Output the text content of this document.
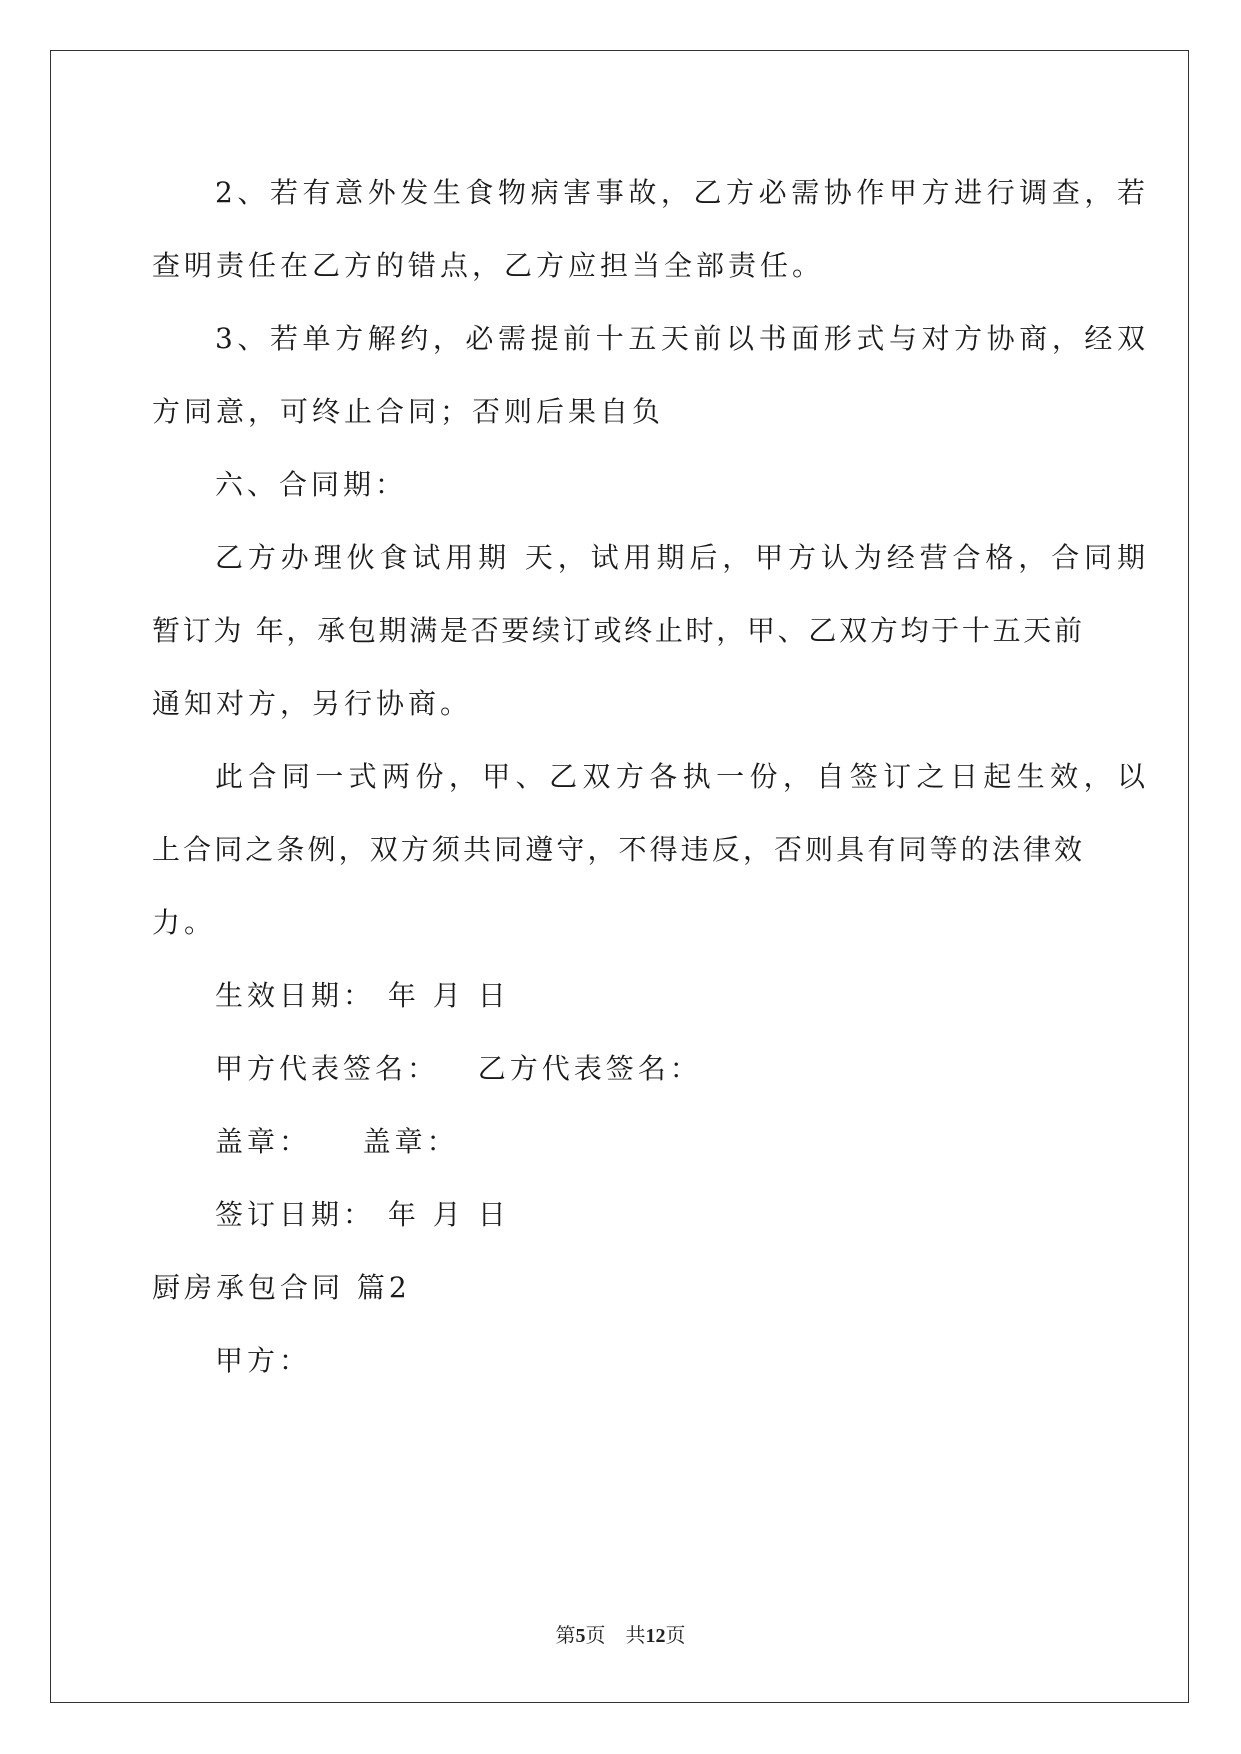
2、若有意外发生食物病害事故，乙方必需协作甲方进行调查，若
查明责任在乙方的错点，乙方应担当全部责任。
3、若单方解约，必需提前十五天前以书面形式与对方协商，经双
方同意，可终止合同；否则后果自负
六、合同期：
乙方办理伙食试用期 天，试用期后，甲方认为经营合格，合同期
暂订为 年，承包期满是否要续订或终止时，甲、乙双方均于十五天前
通知对方，另行协商。
此合同一式两份，甲、乙双方各执一份，自签订之日起生效，以
上合同之条例，双方须共同遵守，不得违反，否则具有同等的法律效
力。
生效日期： 年 月 日
甲方代表签名：   乙方代表签名：
盖章：    盖章：
签订日期： 年 月 日
厨房承包合同 篇2
甲方：
第5页 共12页
